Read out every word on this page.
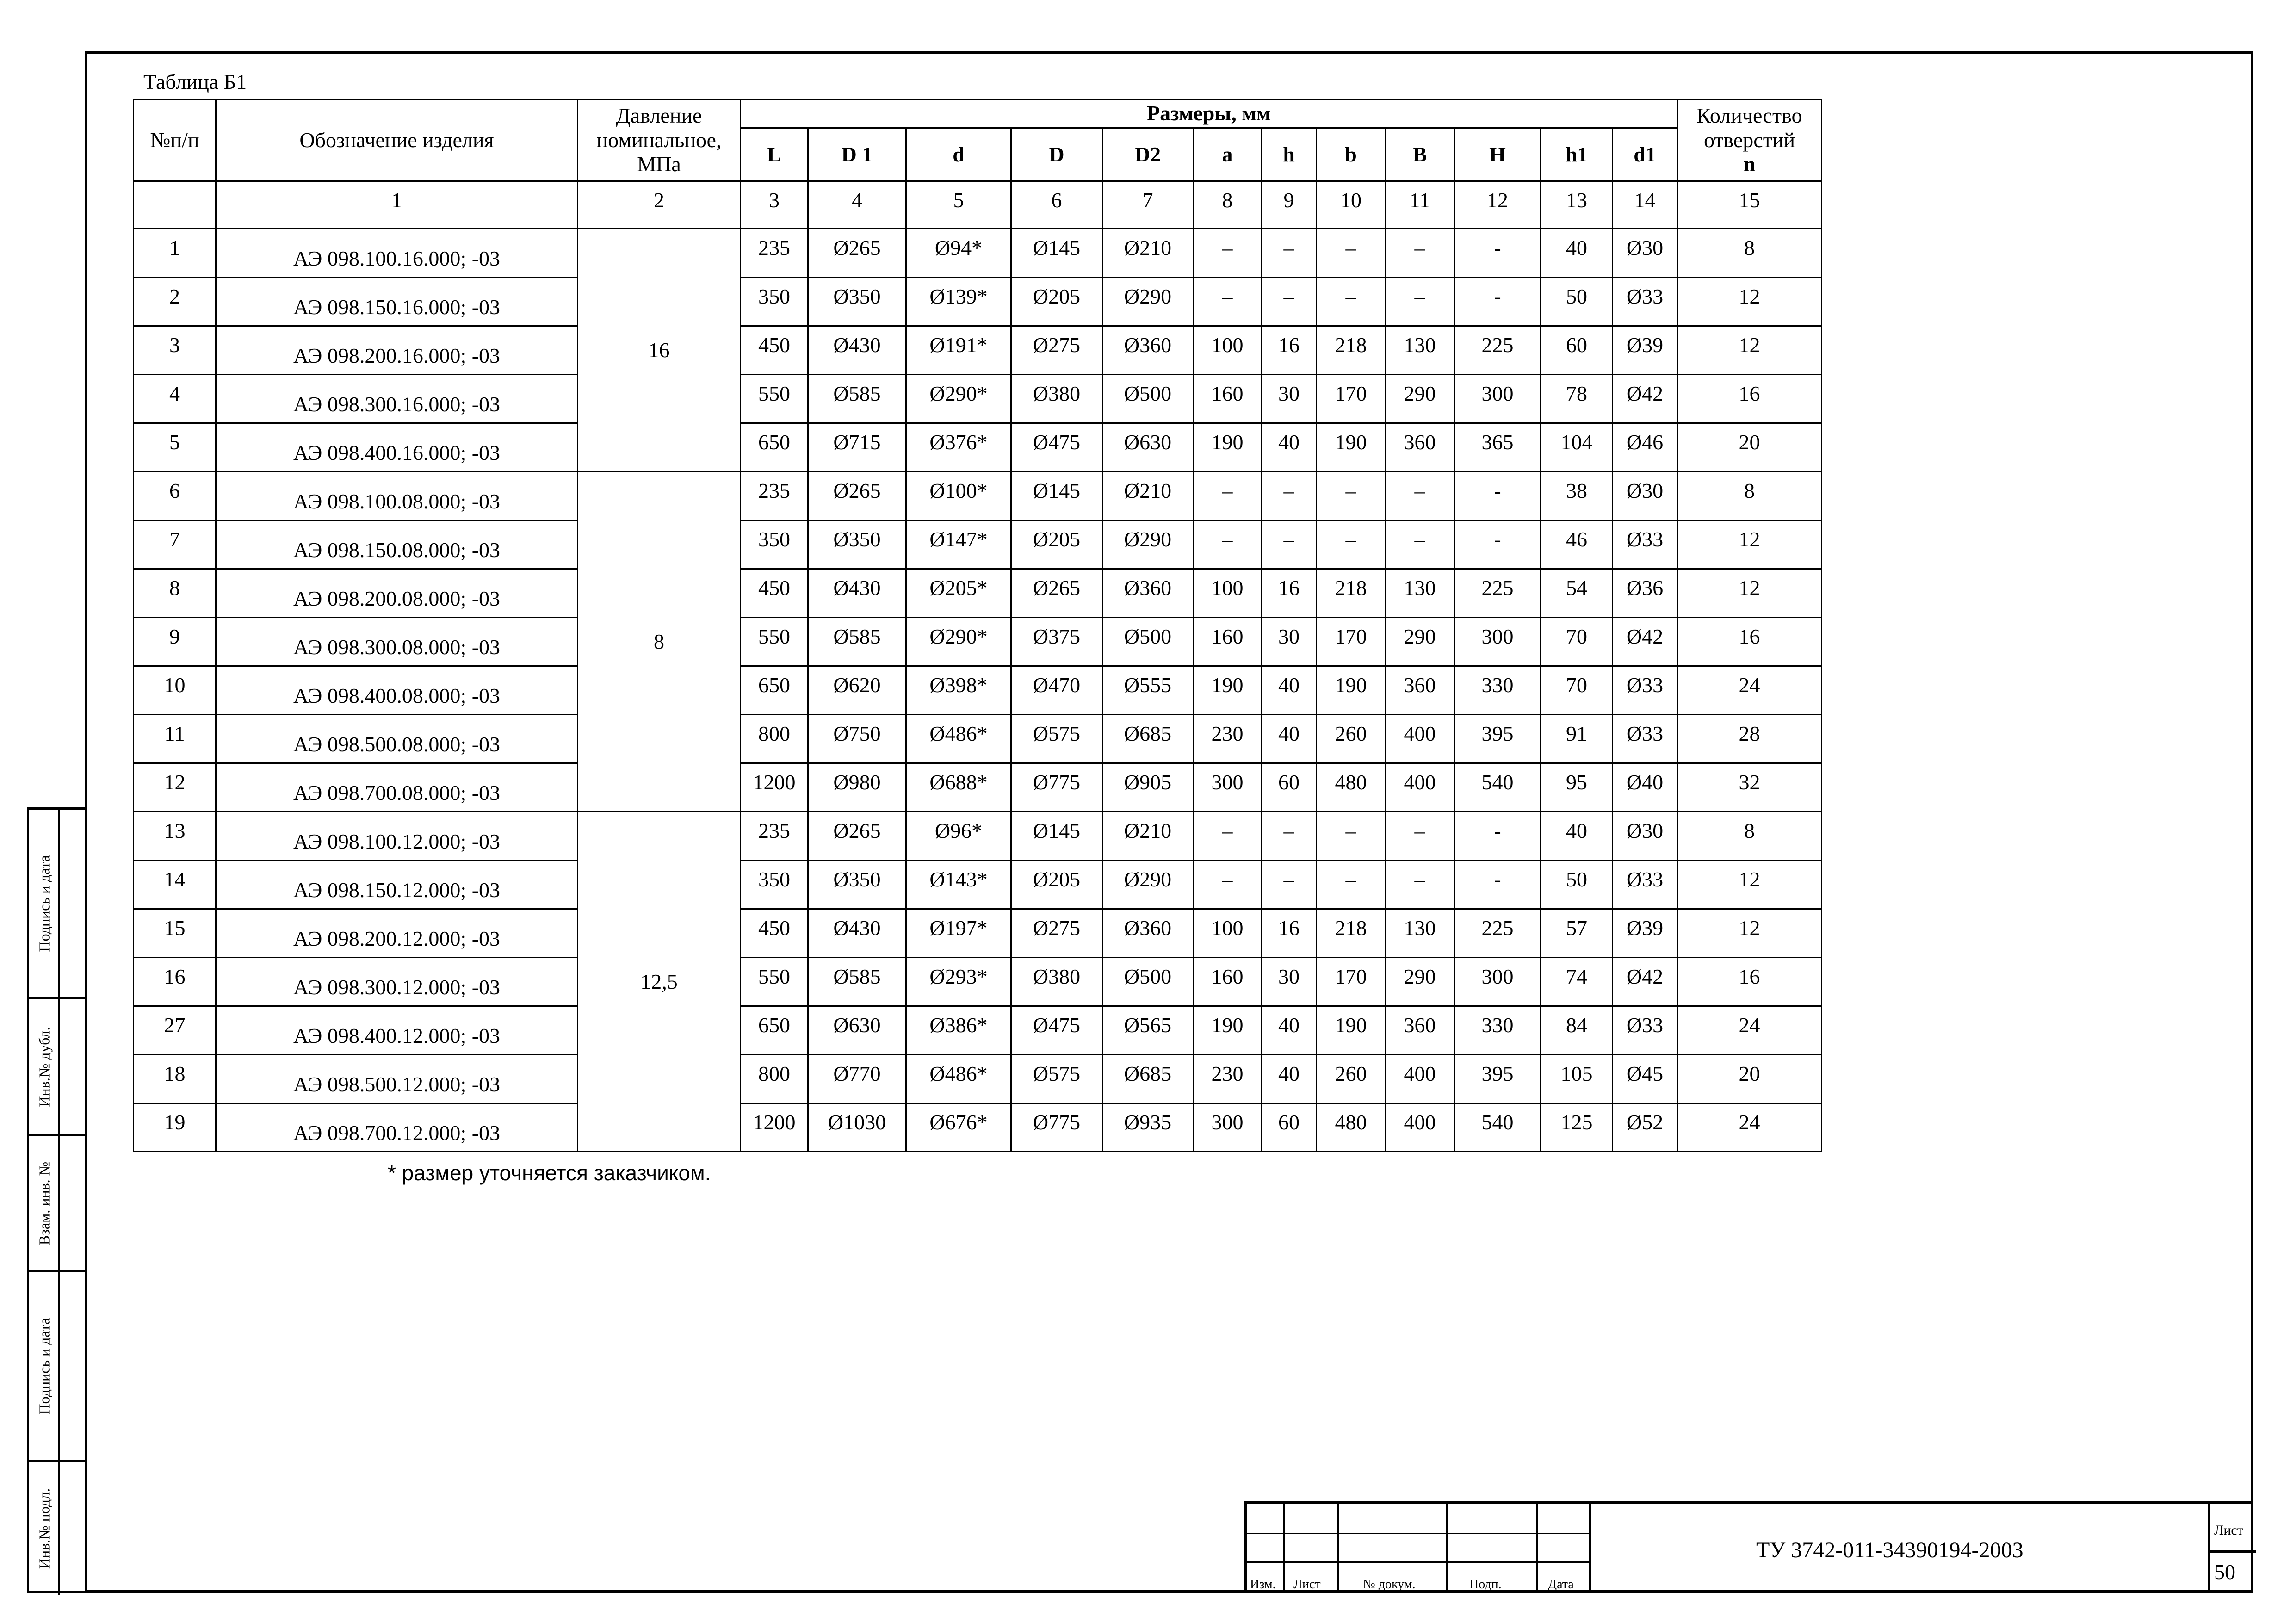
Таблица Б1
№п/п	Обозначение изделия	Давление номинальное, МПа	Размеры, мм												Количество отверстий
n
			L	D 1	d	D	D2	a	h	b	B	H	h1	d1	
	1	2	3	4	5	6	7	8	9	10	11	12	13	14	15
1	АЭ 098.100.16.000; -03	16	235	Ø265	Ø94*	Ø145	Ø210	–	–	–	–	-	40	Ø30	8
2	АЭ 098.150.16.000; -03		350	Ø350	Ø139*	Ø205	Ø290	–	–	–	–	-	50	Ø33	12
3	АЭ 098.200.16.000; -03		450	Ø430	Ø191*	Ø275	Ø360	100	16	218	130	225	60	Ø39	12
4	АЭ 098.300.16.000; -03		550	Ø585	Ø290*	Ø380	Ø500	160	30	170	290	300	78	Ø42	16
5	АЭ 098.400.16.000; -03		650	Ø715	Ø376*	Ø475	Ø630	190	40	190	360	365	104	Ø46	20
6	АЭ 098.100.08.000; -03	8	235	Ø265	Ø100*	Ø145	Ø210	–	–	–	–	-	38	Ø30	8
7	АЭ 098.150.08.000; -03		350	Ø350	Ø147*	Ø205	Ø290	–	–	–	–	-	46	Ø33	12
8	АЭ 098.200.08.000; -03		450	Ø430	Ø205*	Ø265	Ø360	100	16	218	130	225	54	Ø36	12
9	АЭ 098.300.08.000; -03		550	Ø585	Ø290*	Ø375	Ø500	160	30	170	290	300	70	Ø42	16
10	АЭ 098.400.08.000; -03		650	Ø620	Ø398*	Ø470	Ø555	190	40	190	360	330	70	Ø33	24
11	АЭ 098.500.08.000; -03		800	Ø750	Ø486*	Ø575	Ø685	230	40	260	400	395	91	Ø33	28
12	АЭ 098.700.08.000; -03		1200	Ø980	Ø688*	Ø775	Ø905	300	60	480	400	540	95	Ø40	32
13	АЭ 098.100.12.000; -03	12,5	235	Ø265	Ø96*	Ø145	Ø210	–	–	–	–	-	40	Ø30	8
14	АЭ 098.150.12.000; -03		350	Ø350	Ø143*	Ø205	Ø290	–	–	–	–	-	50	Ø33	12
15	АЭ 098.200.12.000; -03		450	Ø430	Ø197*	Ø275	Ø360	100	16	218	130	225	57	Ø39	12
16	АЭ 098.300.12.000; -03		550	Ø585	Ø293*	Ø380	Ø500	160	30	170	290	300	74	Ø42	16
27	АЭ 098.400.12.000; -03		650	Ø630	Ø386*	Ø475	Ø565	190	40	190	360	330	84	Ø33	24
18	АЭ 098.500.12.000; -03		800	Ø770	Ø486*	Ø575	Ø685	230	40	260	400	395	105	Ø45	20
19	АЭ 098.700.12.000; -03		1200	Ø1030	Ø676*	Ø775	Ø935	300	60	480	400	540	125	Ø52	24
* размер уточняется заказчиком.
Подпись и дата
Инв.№ дубл.
Взам. инв. №
Подпись и дата
Инв.№ подл.
Изм. Лист	№ докум.	Подп.	Дата
ТУ 3742-011-34390194-2003
Лист
50
